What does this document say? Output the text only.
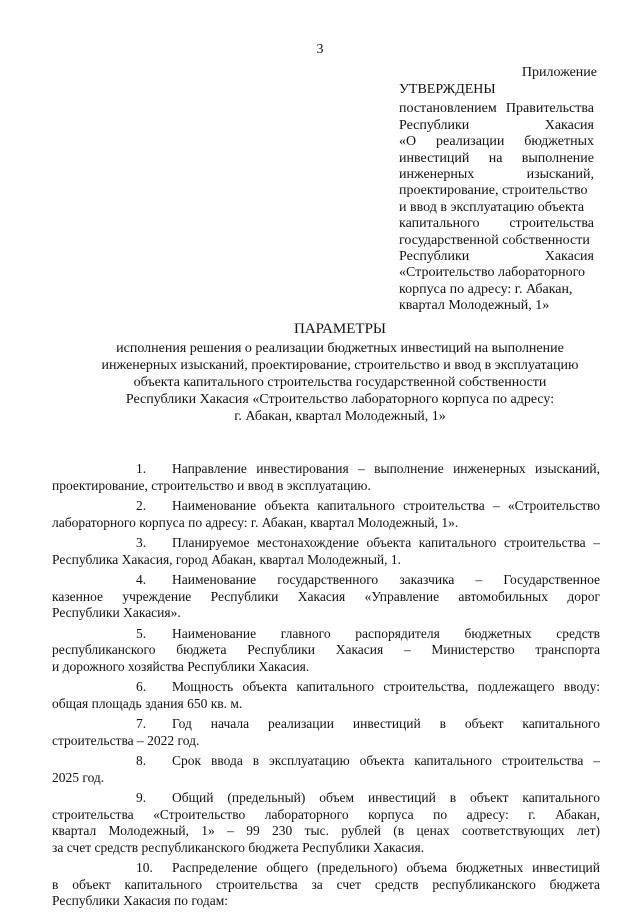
3
Приложение
УТВЕРЖДЕНЫ
постановлением Правительства
Республики Хакасия
«О реализации бюджетных
инвестиций на выполнение
инженерных изысканий,
проектирование, строительство
и ввод в эксплуатацию объекта
капитального строительства
государственной собственности
Республики Хакасия
«Строительство лабораторного
корпуса по адресу: г. Абакан,
квартал Молодежный, 1»
ПАРАМЕТРЫ
исполнения решения о реализации бюджетных инвестиций на выполнение
инженерных изысканий, проектирование, строительство и ввод в эксплуатацию
объекта капитального строительства государственной собственности
Республики Хакасия «Строительство лабораторного корпуса по адресу:
г. Абакан, квартал Молодежный, 1»
1. Направление инвестирования – выполнение инженерных изысканий,
проектирование, строительство и ввод в эксплуатацию.
2. Наименование объекта капитального строительства – «Строительство
лабораторного корпуса по адресу: г. Абакан, квартал Молодежный, 1».
3. Планируемое местонахождение объекта капитального строительства –
Республика Хакасия, город Абакан, квартал Молодежный, 1.
4. Наименование государственного заказчика – Государственное
казенное учреждение Республики Хакасия «Управление автомобильных дорог
Республики Хакасия».
5. Наименование главного распорядителя бюджетных средств
республиканского бюджета Республики Хакасия – Министерство транспорта
и дорожного хозяйства Республики Хакасия.
6. Мощность объекта капитального строительства, подлежащего вводу:
общая площадь здания 650 кв. м.
7. Год начала реализации инвестиций в объект капитального
строительства – 2022 год.
8. Срок ввода в эксплуатацию объекта капитального строительства –
2025 год.
9. Общий (предельный) объем инвестиций в объект капитального
строительства «Строительство лабораторного корпуса по адресу: г. Абакан,
квартал Молодежный, 1» – 99 230 тыс. рублей (в ценах соответствующих лет)
за счет средств республиканского бюджета Республики Хакасия.
10. Распределение общего (предельного) объема бюджетных инвестиций
в объект капитального строительства за счет средств республиканского бюджета
Республики Хакасия по годам:
